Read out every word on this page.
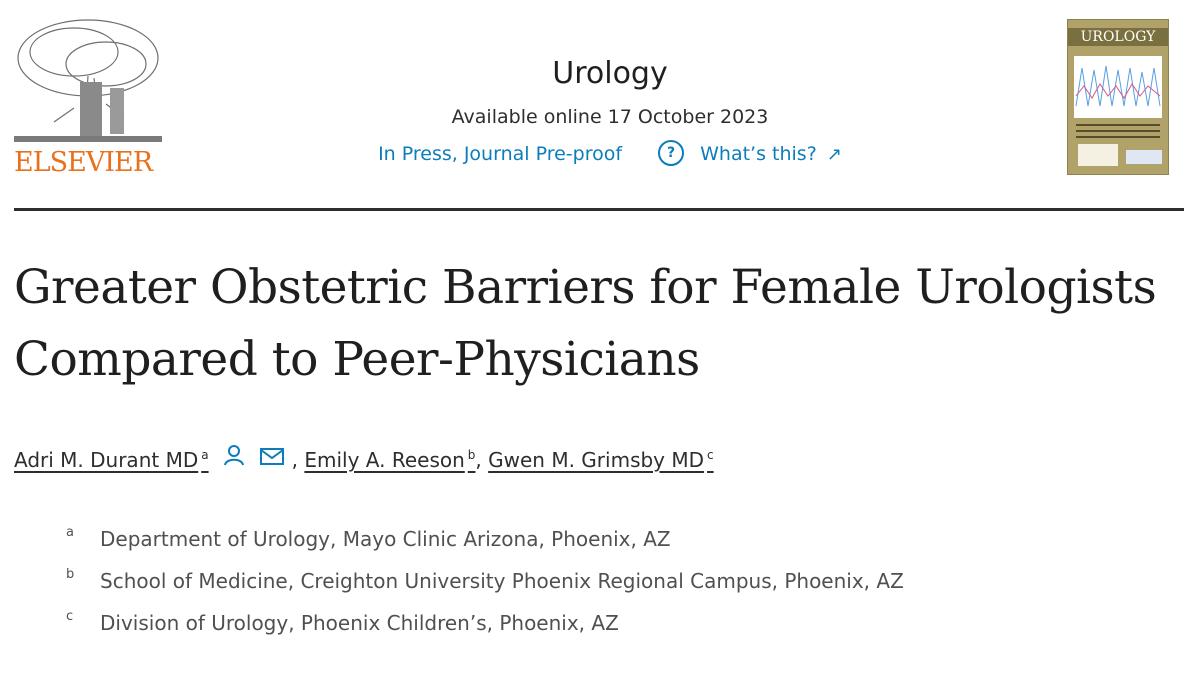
ELSEVIER
Urology
Available online 17 October 2023
In Press, Journal Pre-proof	? What’s this? ↗
UROLOGY
Greater Obstetric Barriers for Female Urologists Compared to Peer-Physicians
Adri M. Durant MD $^a$	, Emily A. Reeson $^b$, Gwen M. Grimsby MD $^c$
a Department of Urology, Mayo Clinic Arizona, Phoenix, AZ
b School of Medicine, Creighton University Phoenix Regional Campus, Phoenix, AZ
c Division of Urology, Phoenix Children’s, Phoenix, AZ
